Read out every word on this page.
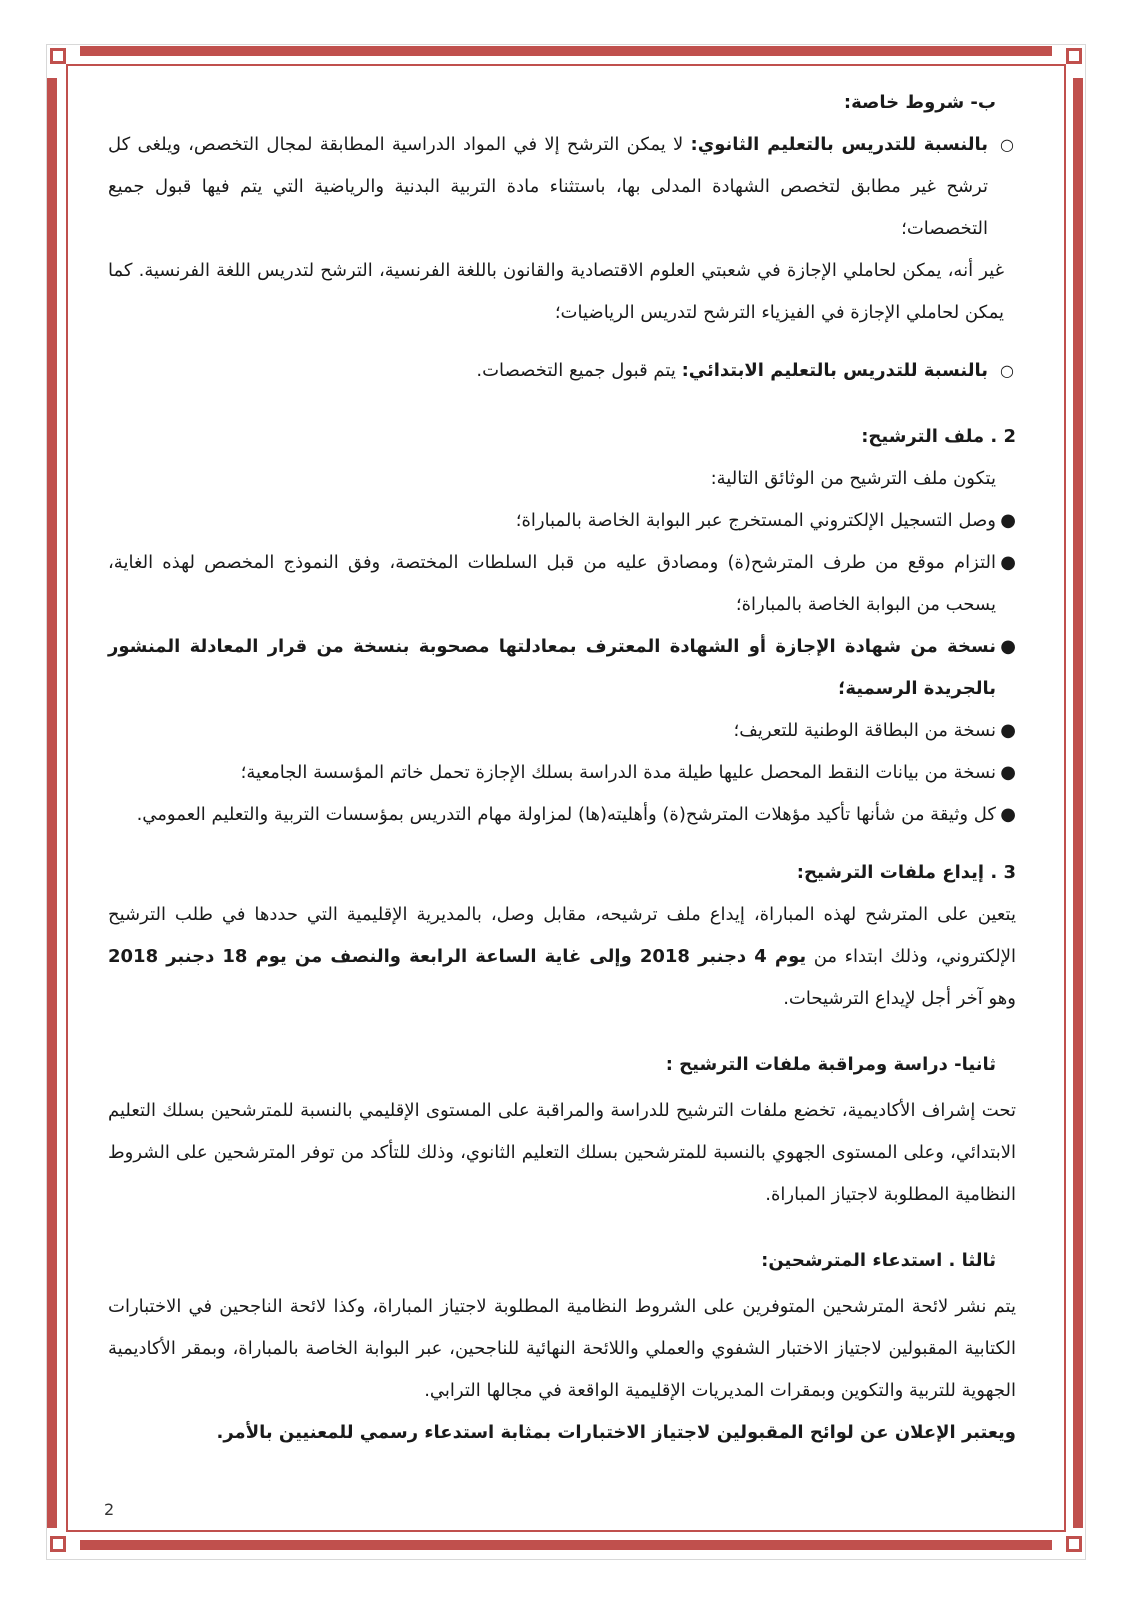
ب- شروط خاصة:
○
بالنسبة للتدريس بالتعليم الثانوي: لا يمكن الترشح إلا في المواد الدراسية المطابقة لمجال التخصص، ويلغى كل ترشح غير مطابق لتخصص الشهادة المدلى بها، باستثناء مادة التربية البدنية والرياضية التي يتم فيها قبول جميع التخصصات؛
غير أنه، يمكن لحاملي الإجازة في شعبتي العلوم الاقتصادية والقانون باللغة الفرنسية، الترشح لتدريس اللغة الفرنسية. كما يمكن لحاملي الإجازة في الفيزياء الترشح لتدريس الرياضيات؛
○
بالنسبة للتدريس بالتعليم الابتدائي: يتم قبول جميع التخصصات.
2 . ملف الترشيح:
يتكون ملف الترشيح من الوثائق التالية:
●
وصل التسجيل الإلكتروني المستخرج عبر البوابة الخاصة بالمباراة؛
●
التزام موقع من طرف المترشح(ة) ومصادق عليه من قبل السلطات المختصة، وفق النموذج المخصص لهذه الغاية، يسحب من البوابة الخاصة بالمباراة؛
●
نسخة من شهادة الإجازة أو الشهادة المعترف بمعادلتها مصحوبة بنسخة من قرار المعادلة المنشور بالجريدة الرسمية؛
●
نسخة من البطاقة الوطنية للتعريف؛
●
نسخة من بيانات النقط المحصل عليها طيلة مدة الدراسة بسلك الإجازة تحمل خاتم المؤسسة الجامعية؛
●
كل وثيقة من شأنها تأكيد مؤهلات المترشح(ة) وأهليته(ها) لمزاولة مهام التدريس بمؤسسات التربية والتعليم العمومي.
3 . إيداع ملفات الترشيح:
يتعين على المترشح لهذه المباراة، إيداع ملف ترشيحه، مقابل وصل، بالمديرية الإقليمية التي حددها في طلب الترشيح الإلكتروني، وذلك ابتداء من يوم 4 دجنبر 2018 وإلى غاية الساعة الرابعة والنصف من يوم 18 دجنبر 2018 وهو آخر أجل لإيداع الترشيحات.
ثانيا- دراسة ومراقبة ملفات الترشيح :
تحت إشراف الأكاديمية، تخضع ملفات الترشيح للدراسة والمراقبة على المستوى الإقليمي بالنسبة للمترشحين بسلك التعليم الابتدائي، وعلى المستوى الجهوي بالنسبة للمترشحين بسلك التعليم الثانوي، وذلك للتأكد من توفر المترشحين على الشروط النظامية المطلوبة لاجتياز المباراة.
ثالثا . استدعاء المترشحين:
يتم نشر لائحة المترشحين المتوفرين على الشروط النظامية المطلوبة لاجتياز المباراة، وكذا لائحة الناجحين في الاختبارات الكتابية المقبولين لاجتياز الاختبار الشفوي والعملي واللائحة النهائية للناجحين، عبر البوابة الخاصة بالمباراة، وبمقر الأكاديمية الجهوية للتربية والتكوين وبمقرات المديريات الإقليمية الواقعة في مجالها الترابي.
ويعتبر الإعلان عن لوائح المقبولين لاجتياز الاختبارات بمثابة استدعاء رسمي للمعنيين بالأمر.
2
